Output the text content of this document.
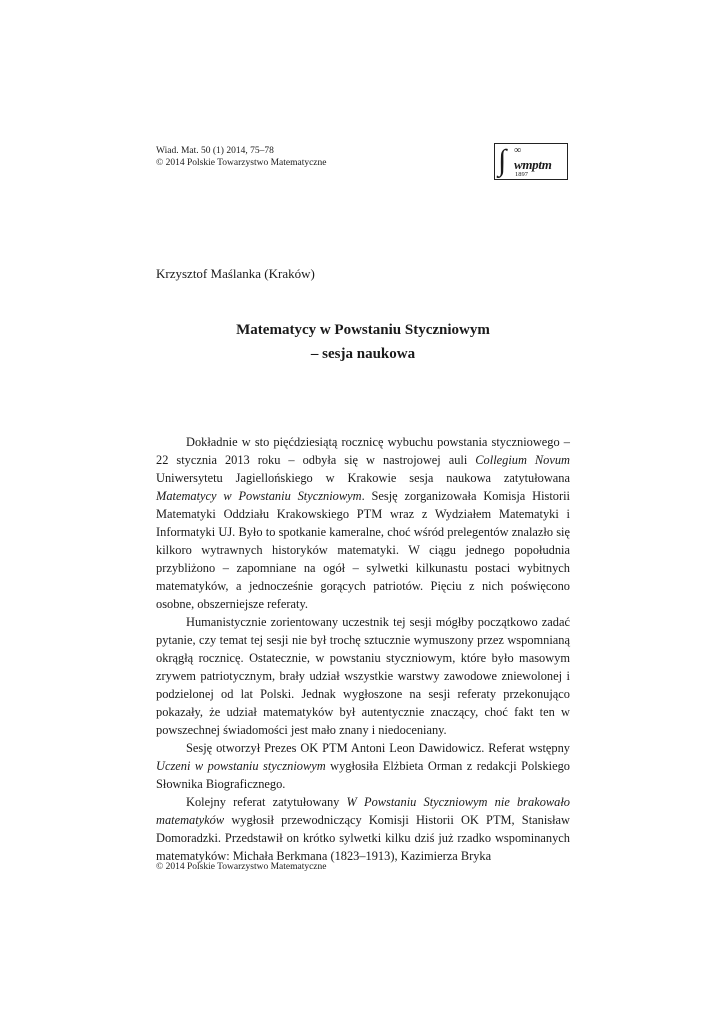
Wiad. Mat. 50 (1) 2014, 75–78
© 2014 Polskie Towarzystwo Matematyczne	∫ ∞
wmptm
1897
Krzysztof Maślanka (Kraków)
Matematycy w Powstaniu Styczniowym
– sesja naukowa

Dokładnie w sto pięćdziesiątą rocznicę wybuchu powstania styczniowego – 22 stycznia 2013 roku – odbyła się w nastrojowej auli Collegium Novum Uniwersytetu Jagiellońskiego w Krakowie sesja naukowa zatytułowana Matematycy w Powstaniu Styczniowym. Sesję zorganizowała Komisja Historii Matematyki Oddziału Krakowskiego PTM wraz z Wydziałem Matematyki i Informatyki UJ. Było to spotkanie kameralne, choć wśród prelegentów znalazło się kilkoro wytrawnych historyków matematyki. W ciągu jednego popołudnia przybliżono – zapomniane na ogół – sylwetki kilkunastu postaci wybitnych matematyków, a jednocześnie gorących patriotów. Pięciu z nich poświęcono osobne, obszerniejsze referaty.

Humanistycznie zorientowany uczestnik tej sesji mógłby początkowo zadać pytanie, czy temat tej sesji nie był trochę sztucznie wymuszony przez wspomnianą okrągłą rocznicę. Ostatecznie, w powstaniu styczniowym, które było masowym zrywem patriotycznym, brały udział wszystkie warstwy zawodowe zniewolonej i podzielonej od lat Polski. Jednak wygłoszone na sesji referaty przekonująco pokazały, że udział matematyków był autentycznie znaczący, choć fakt ten w powszechnej świadomości jest mało znany i niedoceniany.

Sesję otworzył Prezes OK PTM Antoni Leon Dawidowicz. Referat wstępny Uczeni w powstaniu styczniowym wygłosiła Elżbieta Orman z redakcji Polskiego Słownika Biograficznego.

Kolejny referat zatytułowany W Powstaniu Styczniowym nie brakowało matematyków wygłosił przewodniczący Komisji Historii OK PTM, Stanisław Domoradzki. Przedstawił on krótko sylwetki kilku dziś już rzadko wspominanych matematyków: Michała Berkmana (1823–1913), Kazimierza Bryka

© 2014 Polskie Towarzystwo Matematyczne
